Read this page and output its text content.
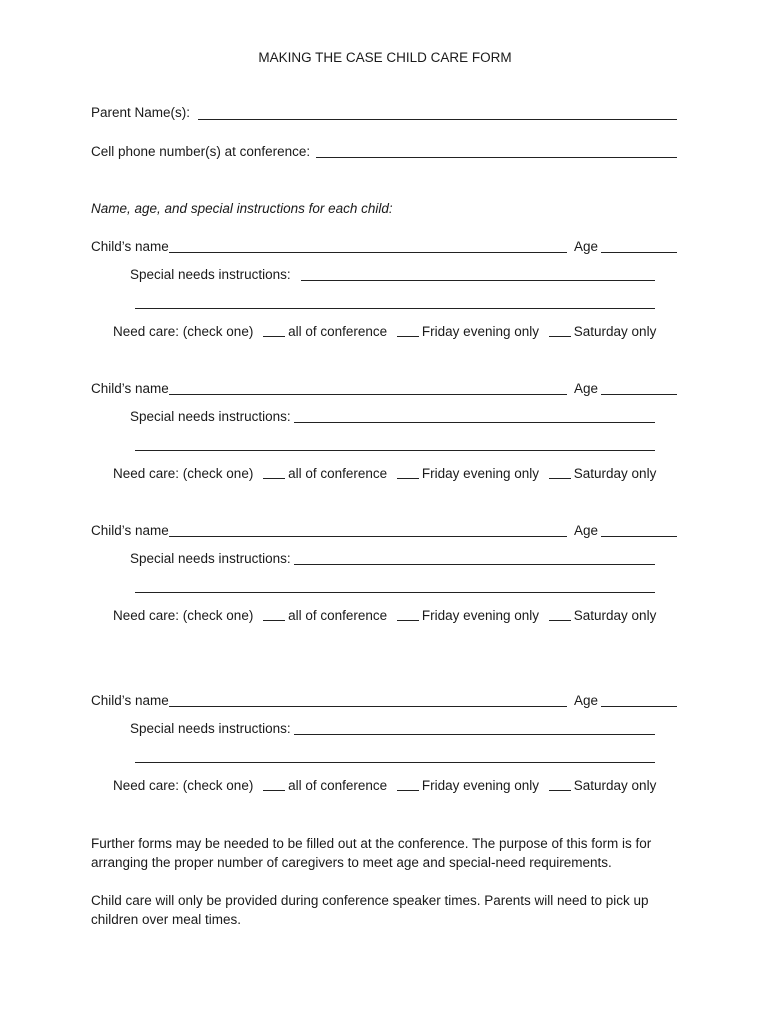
MAKING THE CASE CHILD CARE FORM
Parent Name(s):
Cell phone number(s) at conference:
Name, age, and special instructions for each child:
Child’s name	Age
Special needs instructions:
Need care: (check one)	all of conference	Friday evening only	Saturday only
Child’s name	Age
Special needs instructions:
Need care: (check one)	all of conference	Friday evening only	Saturday only
Child’s name	Age
Special needs instructions:
Need care: (check one)	all of conference	Friday evening only	Saturday only
Child’s name	Age
Special needs instructions:
Need care: (check one)	all of conference	Friday evening only	Saturday only
Further forms may be needed to be filled out at the conference. The purpose of this form is for arranging the proper number of caregivers to meet age and special-need requirements.
Child care will only be provided during conference speaker times. Parents will need to pick up children over meal times.
